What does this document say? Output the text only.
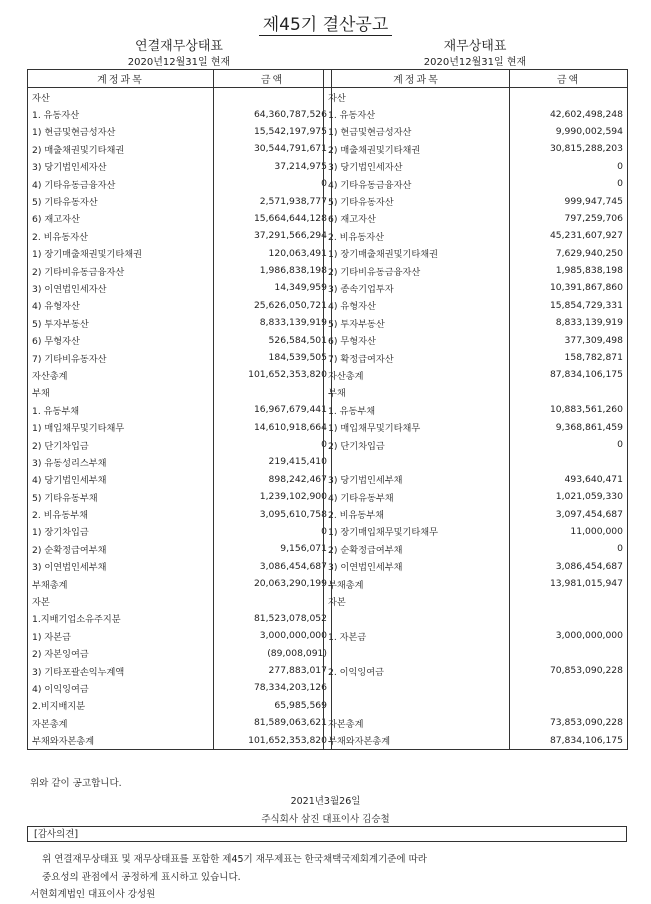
제45기 결산공고
연결재무상태표
2020년12월31일 현재
계정과목	금액
자산	
1. 유동자산	64,360,787,526
1) 현금및현금성자산	15,542,197,975
2) 매출채권및기타채권	30,544,791,671
3) 당기법인세자산	37,214,975
4) 기타유동금융자산	0
5) 기타유동자산	2,571,938,777
6) 재고자산	15,664,644,128
2. 비유동자산	37,291,566,294
1) 장기매출채권및기타채권	120,063,491
2) 기타비유동금융자산	1,986,838,198
3) 이연법인세자산	14,349,959
4) 유형자산	25,626,050,721
5) 투자부동산	8,833,139,919
6) 무형자산	526,584,501
7) 기타비유동자산	184,539,505
자산총계	101,652,353,820
부채	
1. 유동부채	16,967,679,441
1) 매입채무및기타채무	14,610,918,664
2) 단기차입금	0
3) 유동성리스부채	219,415,410
4) 당기법인세부채	898,242,467
5) 기타유동부채	1,239,102,900
2. 비유동부채	3,095,610,758
1) 장기차입금	0
2) 순확정급여부채	9,156,071
3) 이연법인세부채	3,086,454,687
부채총계	20,063,290,199
자본	
1.지배기업소유주지분	81,523,078,052
1) 자본금	3,000,000,000
2) 자본잉여금	(89,008,091)
3) 기타포괄손익누계액	277,883,017
4) 이익잉여금	78,334,203,126
2.비지배지분	65,985,569
자본총계	81,589,063,621
부채와자본총계	101,652,353,820
재무상태표
2020년12월31일 현재
계정과목	금액
자산	
1. 유동자산	42,602,498,248
1) 현금및현금성자산	9,990,002,594
2) 매출채권및기타채권	30,815,288,203
3) 당기법인세자산	0
4) 기타유동금융자산	0
5) 기타유동자산	999,947,745
6) 재고자산	797,259,706
2. 비유동자산	45,231,607,927
1) 장기매출채권및기타채권	7,629,940,250
2) 기타비유동금융자산	1,985,838,198
3) 종속기업투자	10,391,867,860
4) 유형자산	15,854,729,331
5) 투자부동산	8,833,139,919
6) 무형자산	377,309,498
7) 확정급여자산	158,782,871
자산총계	87,834,106,175
부채	
1. 유동부채	10,883,561,260
1) 매입채무및기타채무	9,368,861,459
2) 단기차입금	0

3) 당기법인세부채	493,640,471
4) 기타유동부채	1,021,059,330
2. 비유동부채	3,097,454,687
1) 장기매입채무및기타채무	11,000,000
2) 순확정급여부채	0
3) 이연법인세부채	3,086,454,687
부채총계	13,981,015,947
자본	

1. 자본금	3,000,000,000

2. 이익잉여금	70,853,090,228

자본총계	73,853,090,228
부채와자본총계	87,834,106,175
위와 같이 공고합니다.
2021년3월26일
주식회사 삼진 대표이사 김승철
[감사의견]
위 연결재무상태표 및 재무상태표를 포함한 제45기 재무제표는 한국채택국제회계기준에 따라
중요성의 관점에서 공정하게 표시하고 있습니다.
서현회계법인 대표이사 강성원
